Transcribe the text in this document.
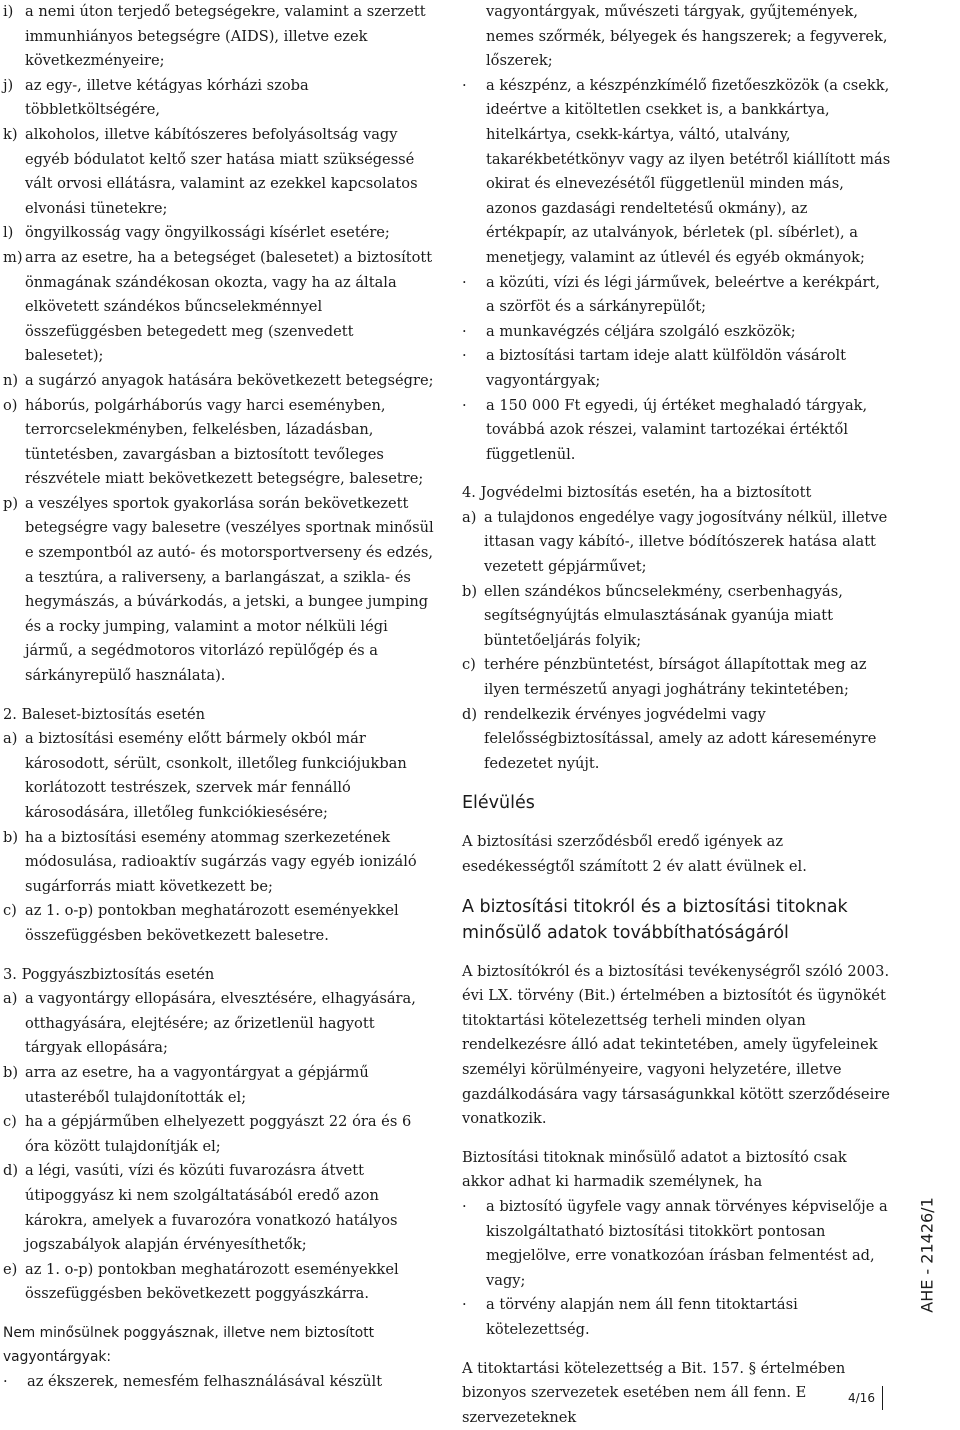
i) a nemi úton terjedő betegségekre, valamint a szerzett immunhiányos betegségre (AIDS), illetve ezek következményeire;
j) az egy-, illetve kétágyas kórházi szoba többletköltségére,
k) alkoholos, illetve kábítószeres befolyásoltság vagy egyéb bódulatot keltő szer hatása miatt szükségessé vált orvosi ellátásra, valamint az ezekkel kapcsolatos elvonási tünetekre;
l) öngyilkosság vagy öngyilkossági kísérlet esetére;
m) arra az esetre, ha a betegséget (balesetet) a biztosított önmagának szándékosan okozta, vagy ha az általa elkövetett szándékos bűncselekménnyel összefüggésben betegedett meg (szenvedett balesetet);
n) a sugárzó anyagok hatására bekövetkezett betegségre;
o) háborús, polgárháborús vagy harci eseményben, terrorcselekményben, felkelésben, lázadásban, tüntetésben, zavargásban a biztosított tevőleges részvétele miatt bekövetkezett betegségre, balesetre;
p) a veszélyes sportok gyakorlása során bekövetkezett betegségre vagy balesetre (veszélyes sportnak minősül e szempontból az autó- és motorsportverseny és edzés, a tesztúra, a raliverseny, a barlangászat, a szikla- és hegymászás, a búvárkodás, a jetski, a bungee jumping és a rocky jumping, valamint a motor nélküli légi jármű, a segédmotoros vitorlázó repülőgép és a sárkányrepülő használata).
2. Baleset-biztosítás esetén
a) a biztosítási esemény előtt bármely okból már károsodott, sérült, csonkolt, illetőleg funkciójukban korlátozott testrészek, szervek már fennálló károsodására, illetőleg funkciókiesésére;
b) ha a biztosítási esemény atommag szerkezetének módosulása, radioaktív sugárzás vagy egyéb ionizáló sugárforrás miatt következett be;
c) az 1. o-p) pontokban meghatározott eseményekkel összefüggésben bekövetkezett balesetre.
3. Poggyászbiztosítás esetén
a) a vagyontárgy ellopására, elvesztésére, elhagyására, otthagyására, elejtésére; az őrizetlenül hagyott tárgyak ellopására;
b) arra az esetre, ha a vagyontárgyat a gépjármű utasteréből tulajdonították el;
c) ha a gépjárműben elhelyezett poggyászt 22 óra és 6 óra között tulajdonítják el;
d) a légi, vasúti, vízi és közúti fuvarozásra átvett útipoggyász ki nem szolgáltatásából eredő azon károkra, amelyek a fuvarozóra vonatkozó hatályos jogszabályok alapján érvényesíthetők;
e) az 1. o-p) pontokban meghatározott eseményekkel összefüggésben bekövetkezett poggyászkárra.
Nem minősülnek poggyásznak, illetve nem biztosított vagyontárgyak:
· az ékszerek, nemesfém felhasználásával készült
vagyontárgyak, művészeti tárgyak, gyűjtemények, nemes szőrmék, bélyegek és hangszerek; a fegyverek, lőszerek;
· a készpénz, a készpénzkímélő fizetőeszközök (a csekk, ideértve a kitöltetlen csekket is, a bankkártya, hitelkártya, csekk-kártya, váltó, utalvány, takarékbetétkönyv vagy az ilyen betétről kiállított más okirat és elnevezésétől függetlenül minden más, azonos gazdasági rendeltetésű okmány), az értékpapír, az utalványok, bérletek (pl. síbérlet), a menetjegy, valamint az útlevél és egyéb okmányok;
· a közúti, vízi és légi járművek, beleértve a kerékpárt, a szörföt és a sárkányrepülőt;
· a munkavégzés céljára szolgáló eszközök;
· a biztosítási tartam ideje alatt külföldön vásárolt vagyontárgyak;
· a 150 000 Ft egyedi, új értéket meghaladó tárgyak, továbbá azok részei, valamint tartozékai értéktől függetlenül.
4. Jogvédelmi biztosítás esetén, ha a biztosított
a) a tulajdonos engedélye vagy jogosítvány nélkül, illetve ittasan vagy kábító-, illetve bódítószerek hatása alatt vezetett gépjárművet;
b) ellen szándékos bűncselekmény, cserbenhagyás, segítségnyújtás elmulasztásának gyanúja miatt büntetőeljárás folyik;
c) terhére pénzbüntetést, bírságot állapítottak meg az ilyen természetű anyagi joghátrány tekintetében;
d) rendelkezik érvényes jogvédelmi vagy felelősségbiztosítással, amely az adott káreseményre fedezetet nyújt.
Elévülés
A biztosítási szerződésből eredő igények az esedékességtől számított 2 év alatt évülnek el.
A biztosítási titokról és a biztosítási titoknak minősülő adatok továbbíthatóságáról
A biztosítókról és a biztosítási tevékenységről szóló 2003. évi LX. törvény (Bit.) értelmében a biztosítót és ügynökét titoktartási kötelezettség terheli minden olyan rendelkezésre álló adat tekintetében, amely ügyfeleinek személyi körülményeire, vagyoni helyzetére, illetve gazdálkodására vagy társaságunkkal kötött szerződéseire vonatkozik.
Biztosítási titoknak minősülő adatot a biztosító csak akkor adhat ki harmadik személynek, ha
· a biztosító ügyfele vagy annak törvényes képviselője a kiszolgáltatható biztosítási titokkört pontosan megjelölve, erre vonatkozóan írásban felmentést ad, vagy;
· a törvény alapján nem áll fenn titoktartási kötelezettség.
A titoktartási kötelezettség a Bit. 157. § értelmében bizonyos szervezetek esetében nem áll fenn. E szervezeteknek
AHE - 21426/1
4/16
